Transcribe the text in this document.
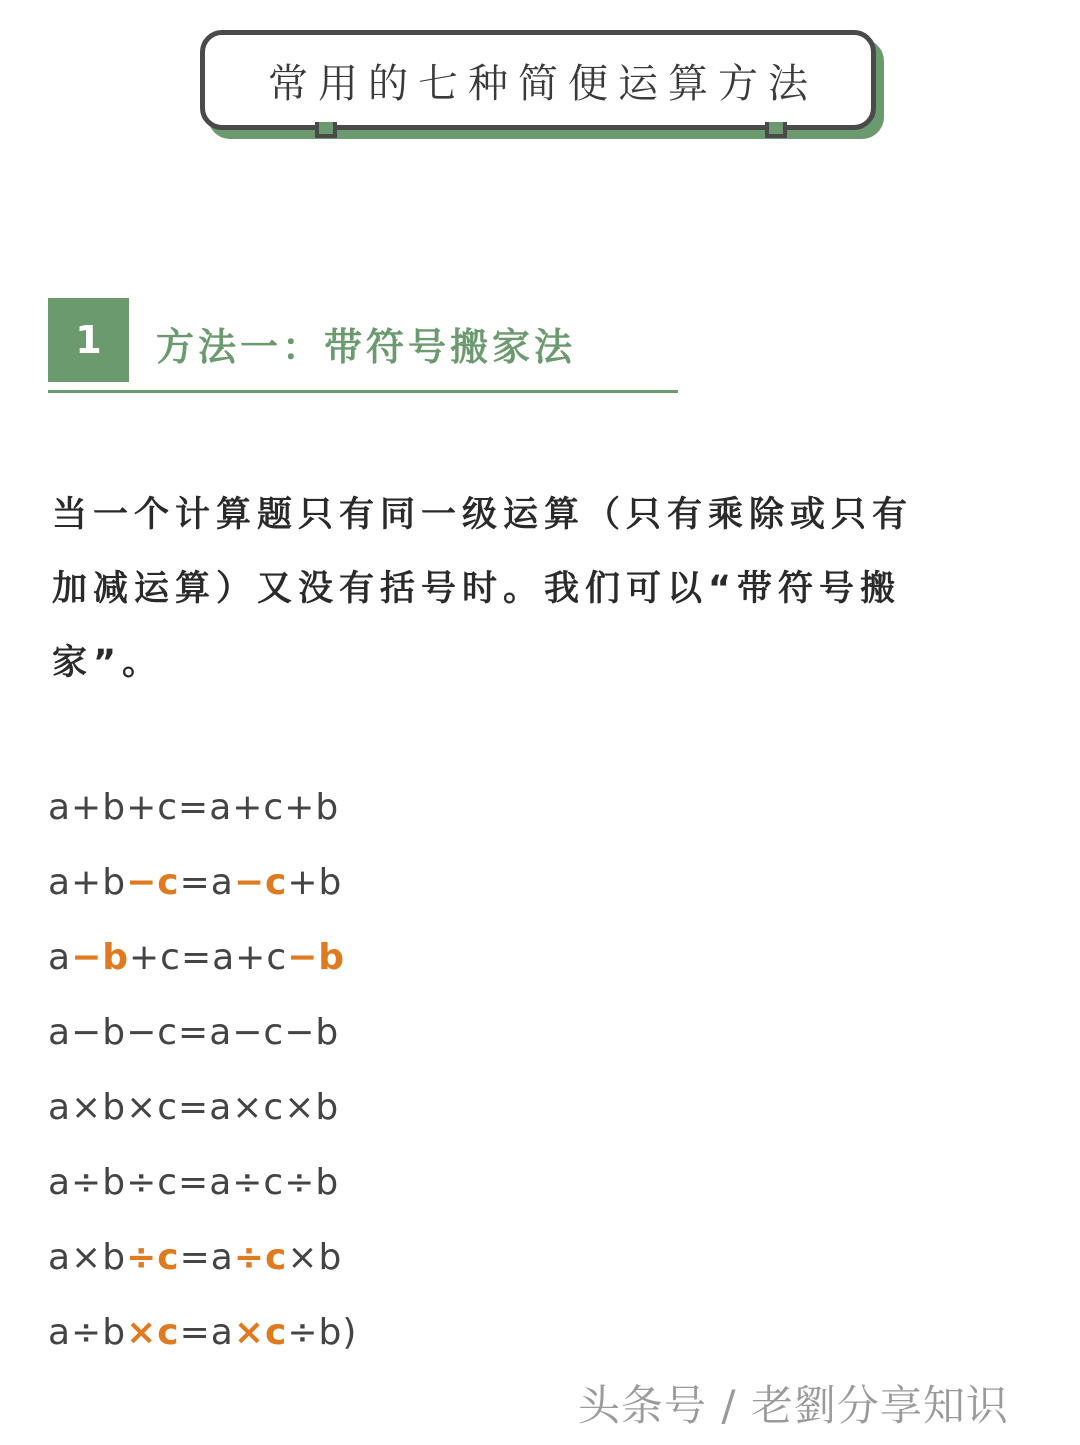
常用的七种简便运算方法
1	方法一：带符号搬家法
当一个计算题只有同一级运算（只有乘除或只有
加减运算）又没有括号时。我们可以“带符号搬
家”。
a+b+c=a+c+b
a+b−c=a−c+b
a−b+c=a+c−b
a−b−c=a−c−b
a×b×c=a×c×b
a÷b÷c=a÷c÷b
a×b÷c=a÷c×b
a÷b×c=a×c÷b)
头条号 / 老劉分享知识
